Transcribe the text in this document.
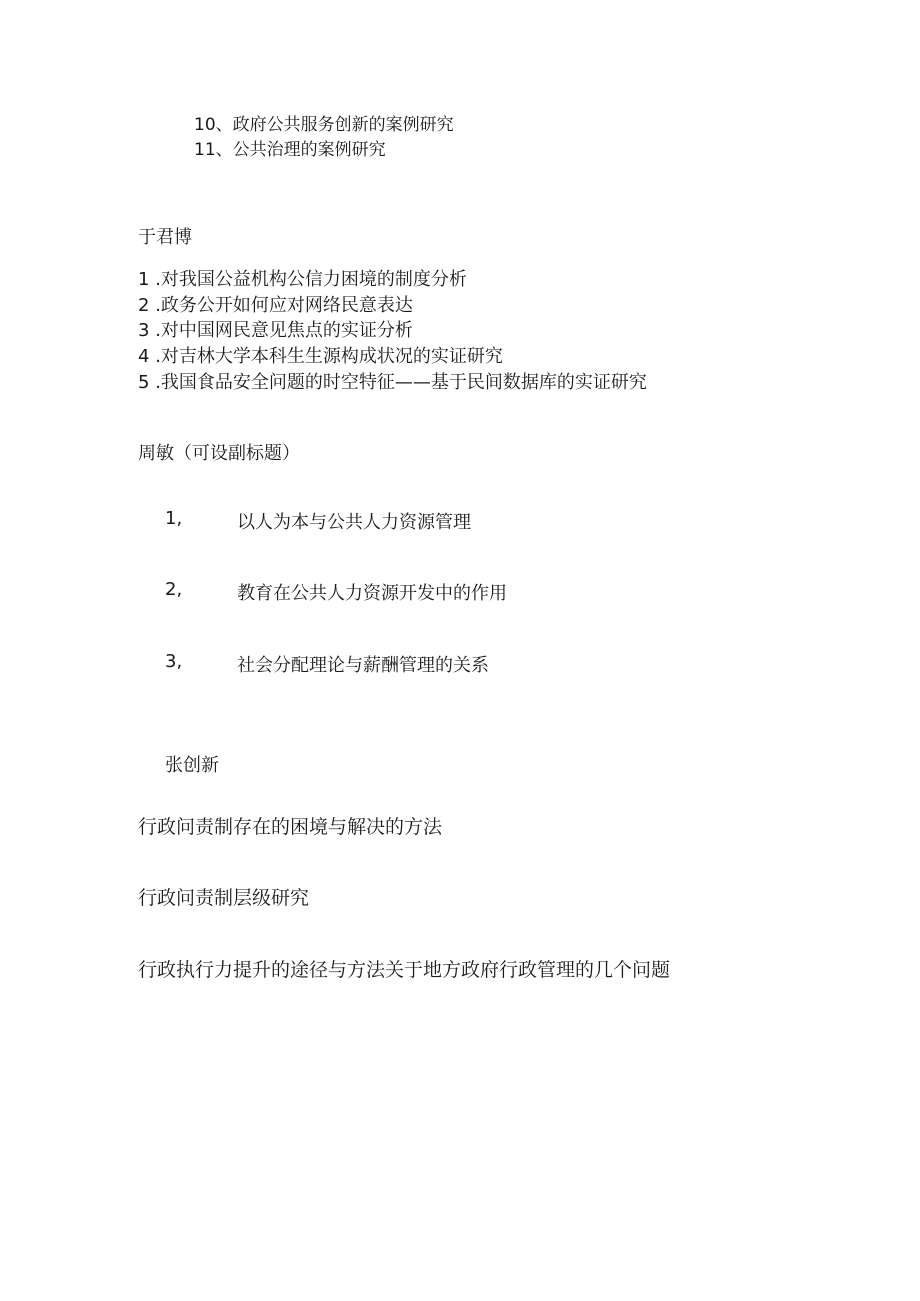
10、政府公共服务创新的案例研究
11、公共治理的案例研究
于君博
1 .对我国公益机构公信力困境的制度分析
2 .政务公开如何应对网络民意表达
3 .对中国网民意见焦点的实证分析
4 .对吉林大学本科生生源构成状况的实证研究
5 .我国食品安全问题的时空特征——基于民间数据库的实证研究
周敏（可设副标题）
1,	以人为本与公共人力资源管理
2,	教育在公共人力资源开发中的作用
3,	社会分配理论与薪酬管理的关系
张创新
行政问责制存在的困境与解决的方法
行政问责制层级研究
行政执行力提升的途径与方法关于地方政府行政管理的几个问题
